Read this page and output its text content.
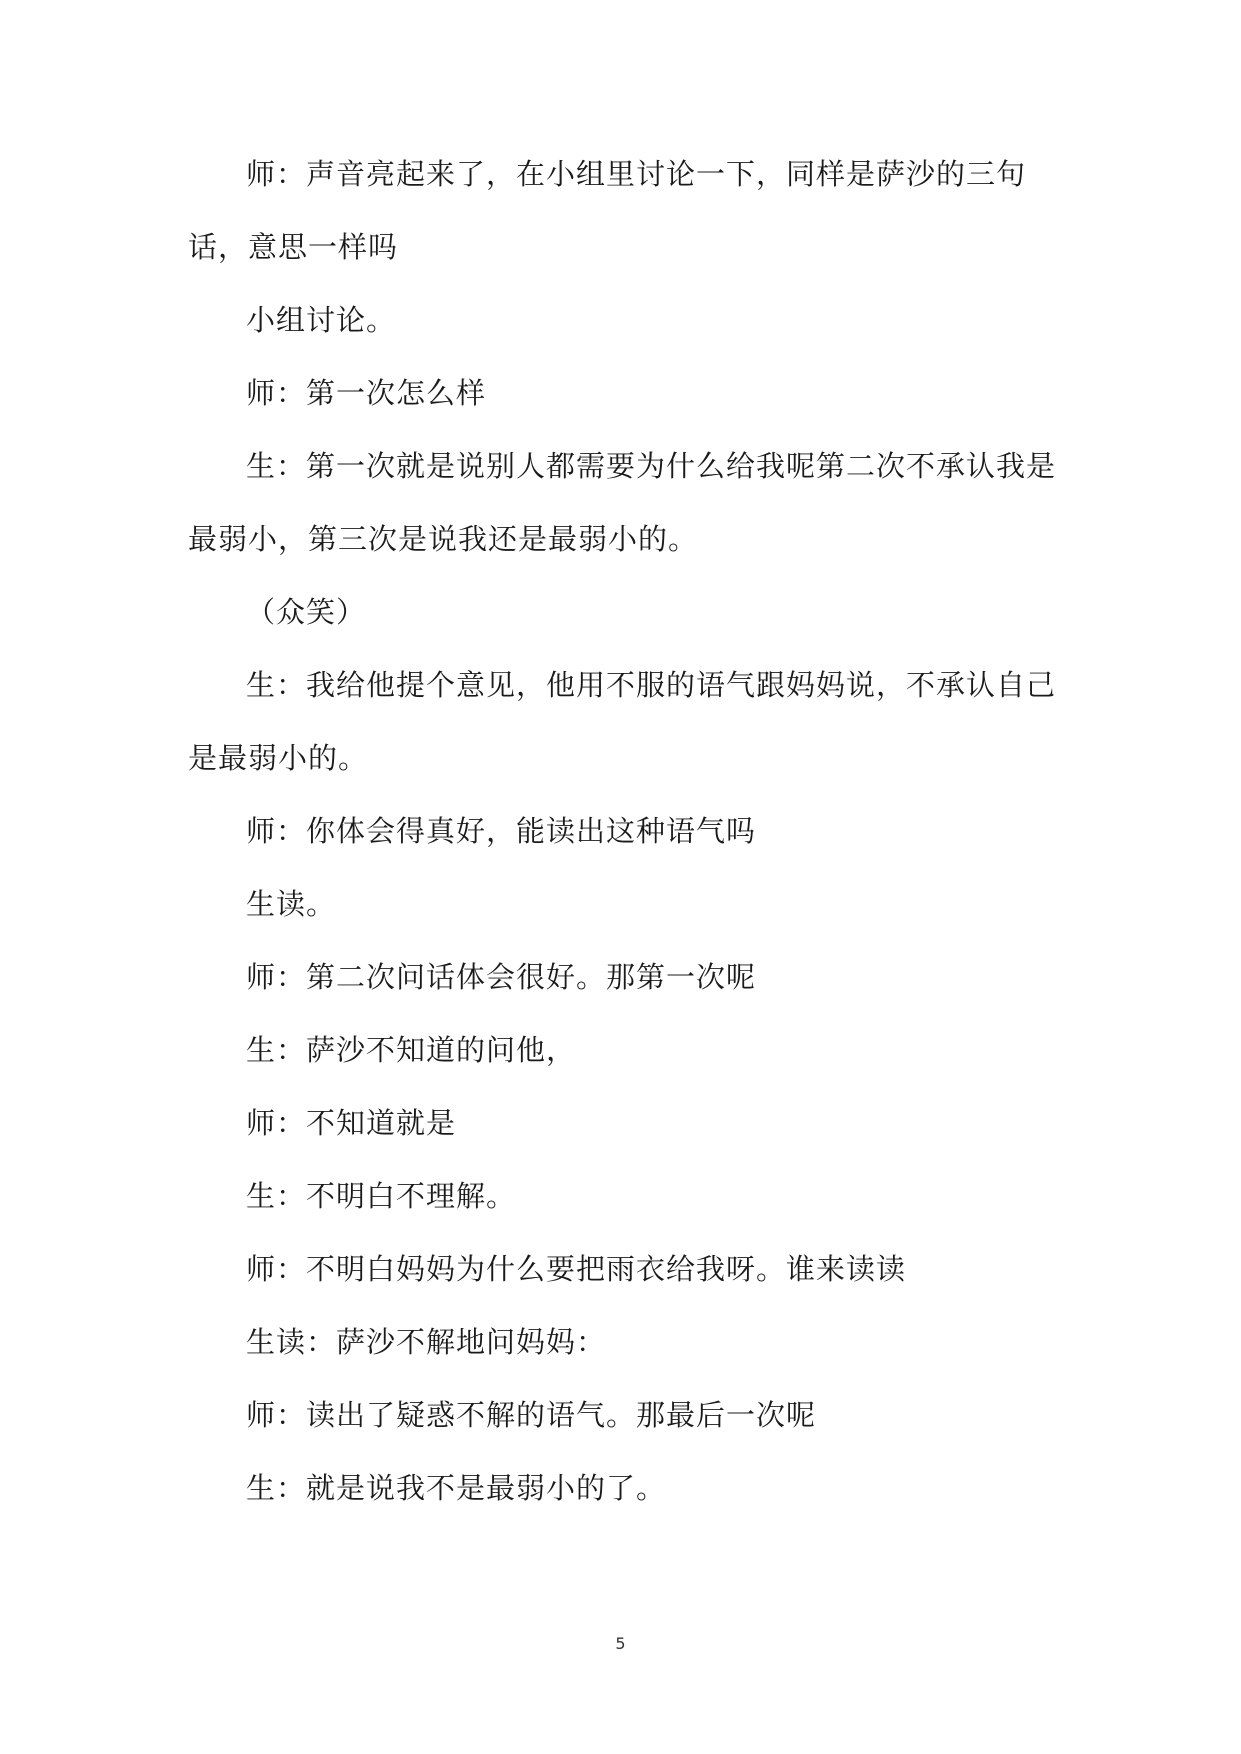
师：声音亮起来了，在小组里讨论一下，同样是萨沙的三句话，意思一样吗

小组讨论。

师：第一次怎么样

生：第一次就是说别人都需要为什么给我呢第二次不承认我是最弱小，第三次是说我还是最弱小的。

（众笑）

生：我给他提个意见，他用不服的语气跟妈妈说，不承认自己是最弱小的。

师：你体会得真好，能读出这种语气吗

生读。

师：第二次问话体会很好。那第一次呢

生：萨沙不知道的问他，

师：不知道就是

生：不明白不理解。

师：不明白妈妈为什么要把雨衣给我呀。谁来读读

生读：萨沙不解地问妈妈：

师：读出了疑惑不解的语气。那最后一次呢

生：就是说我不是最弱小的了。

5
